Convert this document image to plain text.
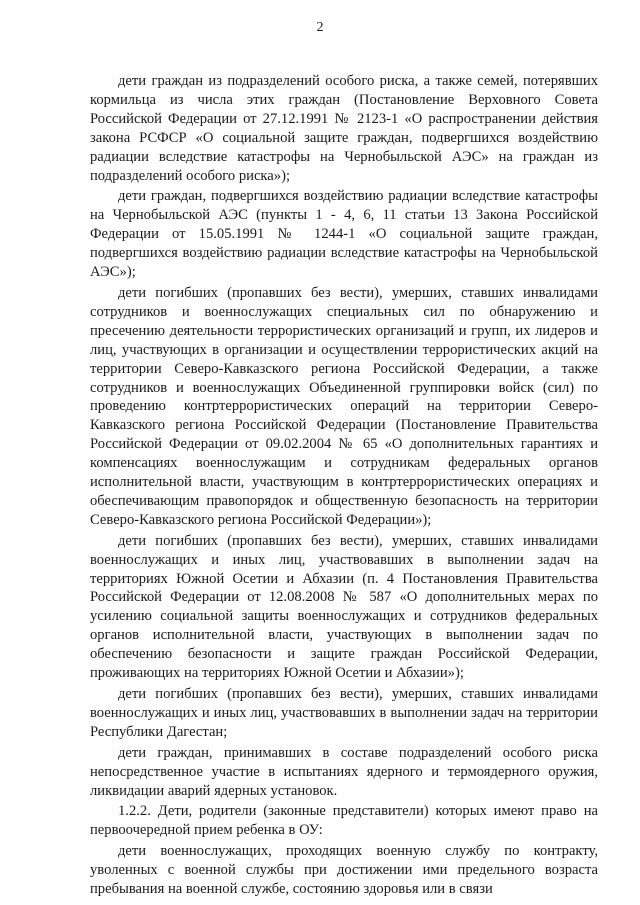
2

дети граждан из подразделений особого риска, а также семей, потерявших кормильца из числа этих граждан (Постановление Верховного Совета Российской Федерации от 27.12.1991 № 2123-1 «О распространении действия закона РСФСР «О социальной защите граждан, подвергшихся воздействию радиации вследствие катастрофы на Чернобыльской АЭС» на граждан из подразделений особого риска»);

дети граждан, подвергшихся воздействию радиации вследствие катастрофы на Чернобыльской АЭС (пункты 1 - 4, 6, 11 статьи 13 Закона Российской Федерации от 15.05.1991 № 1244-1 «О социальной защите граждан, подвергшихся воздействию радиации вследствие катастрофы на Чернобыльской АЭС»);

дети погибших (пропавших без вести), умерших, ставших инвалидами сотрудников и военнослужащих специальных сил по обнаружению и пресечению деятельности террористических организаций и групп, их лидеров и лиц, участвующих в организации и осуществлении террористических акций на территории Северо-Кавказского региона Российской Федерации, а также сотрудников и военнослужащих Объединенной группировки войск (сил) по проведению контртеррористических операций на территории Северо-Кавказского региона Российской Федерации (Постановление Правительства Российской Федерации от 09.02.2004 № 65 «О дополнительных гарантиях и компенсациях военнослужащим и сотрудникам федеральных органов исполнительной власти, участвующим в контртеррористических операциях и обеспечивающим правопорядок и общественную безопасность на территории Северо-Кавказского региона Российской Федерации»);

дети погибших (пропавших без вести), умерших, ставших инвалидами военнослужащих и иных лиц, участвовавших в выполнении задач на территориях Южной Осетии и Абхазии (п. 4 Постановления Правительства Российской Федерации от 12.08.2008 № 587 «О дополнительных мерах по усилению социальной защиты военнослужащих и сотрудников федеральных органов исполнительной власти, участвующих в выполнении задач по обеспечению безопасности и защите граждан Российской Федерации, проживающих на территориях Южной Осетии и Абхазии»);

дети погибших (пропавших без вести), умерших, ставших инвалидами военнослужащих и иных лиц, участвовавших в выполнении задач на территории Республики Дагестан;

дети граждан, принимавших в составе подразделений особого риска непосредственное участие в испытаниях ядерного и термоядерного оружия, ликвидации аварий ядерных установок.

1.2.2. Дети, родители (законные представители) которых имеют право на первоочередной прием ребенка в ОУ:

дети военнослужащих, проходящих военную службу по контракту, уволенных с военной службы при достижении ими предельного возраста пребывания на военной службе, состоянию здоровья или в связи
